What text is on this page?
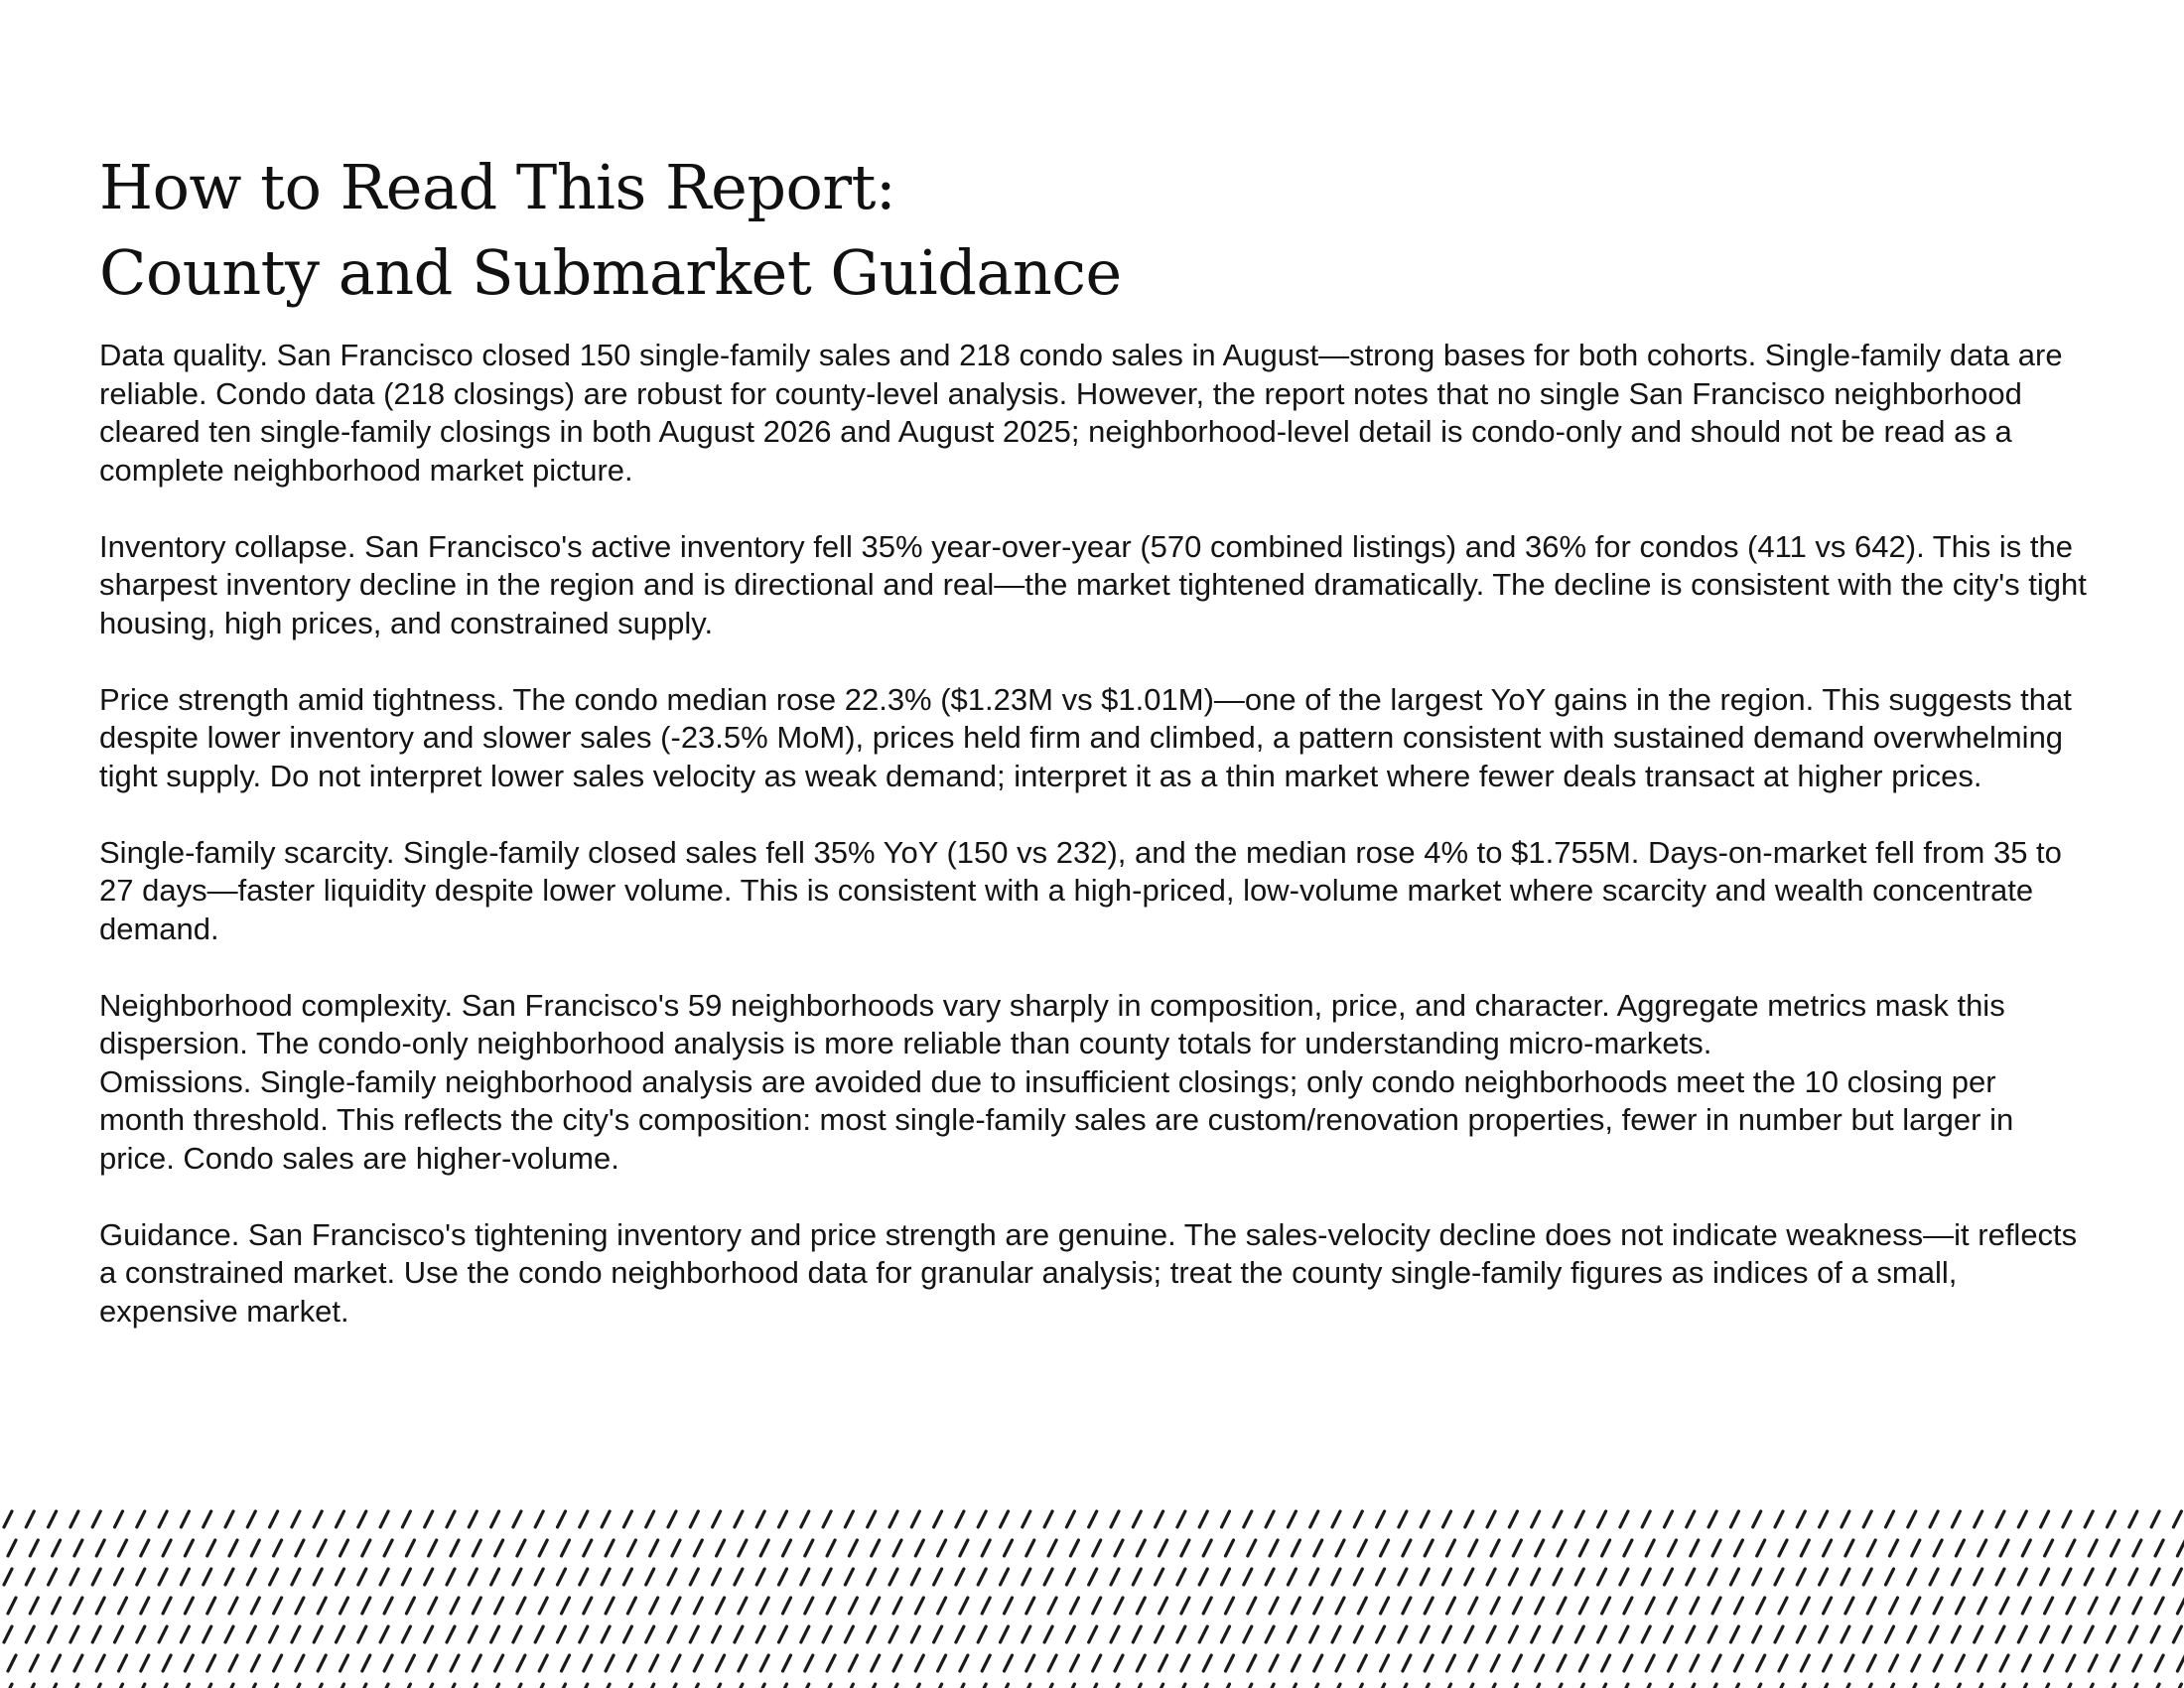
How to Read This Report:
County and Submarket Guidance

Data quality. San Francisco closed 150 single-family sales and 218 condo sales in August—strong bases for both cohorts. Single-family data are reliable. Condo data (218 closings) are robust for county-level analysis. However, the report notes that no single San Francisco neighborhood cleared ten single-family closings in both August 2026 and August 2025; neighborhood-level detail is condo-only and should not be read as a complete neighborhood market picture.

Inventory collapse. San Francisco's active inventory fell 35% year-over-year (570 combined listings) and 36% for condos (411 vs 642). This is the sharpest inventory decline in the region and is directional and real—the market tightened dramatically. The decline is consistent with the city's tight housing, high prices, and constrained supply.

Price strength amid tightness. The condo median rose 22.3% ($1.23M vs $1.01M)—one of the largest YoY gains in the region. This suggests that despite lower inventory and slower sales (-23.5% MoM), prices held firm and climbed, a pattern consistent with sustained demand overwhelming tight supply. Do not interpret lower sales velocity as weak demand; interpret it as a thin market where fewer deals transact at higher prices.

Single-family scarcity. Single-family closed sales fell 35% YoY (150 vs 232), and the median rose 4% to $1.755M. Days-on-market fell from 35 to 27 days—faster liquidity despite lower volume. This is consistent with a high-priced, low-volume market where scarcity and wealth concentrate demand.

Neighborhood complexity. San Francisco's 59 neighborhoods vary sharply in composition, price, and character. Aggregate metrics mask this dispersion. The condo-only neighborhood analysis is more reliable than county totals for understanding micro-markets.

Omissions. Single-family neighborhood analysis are avoided due to insufficient closings; only condo neighborhoods meet the 10 closing per month threshold. This reflects the city's composition: most single-family sales are custom/renovation properties, fewer in number but larger in price. Condo sales are higher-volume.

Guidance. San Francisco's tightening inventory and price strength are genuine. The sales-velocity decline does not indicate weakness—it reflects a constrained market. Use the condo neighborhood data for granular analysis; treat the county single-family figures as indices of a small, expensive market.
